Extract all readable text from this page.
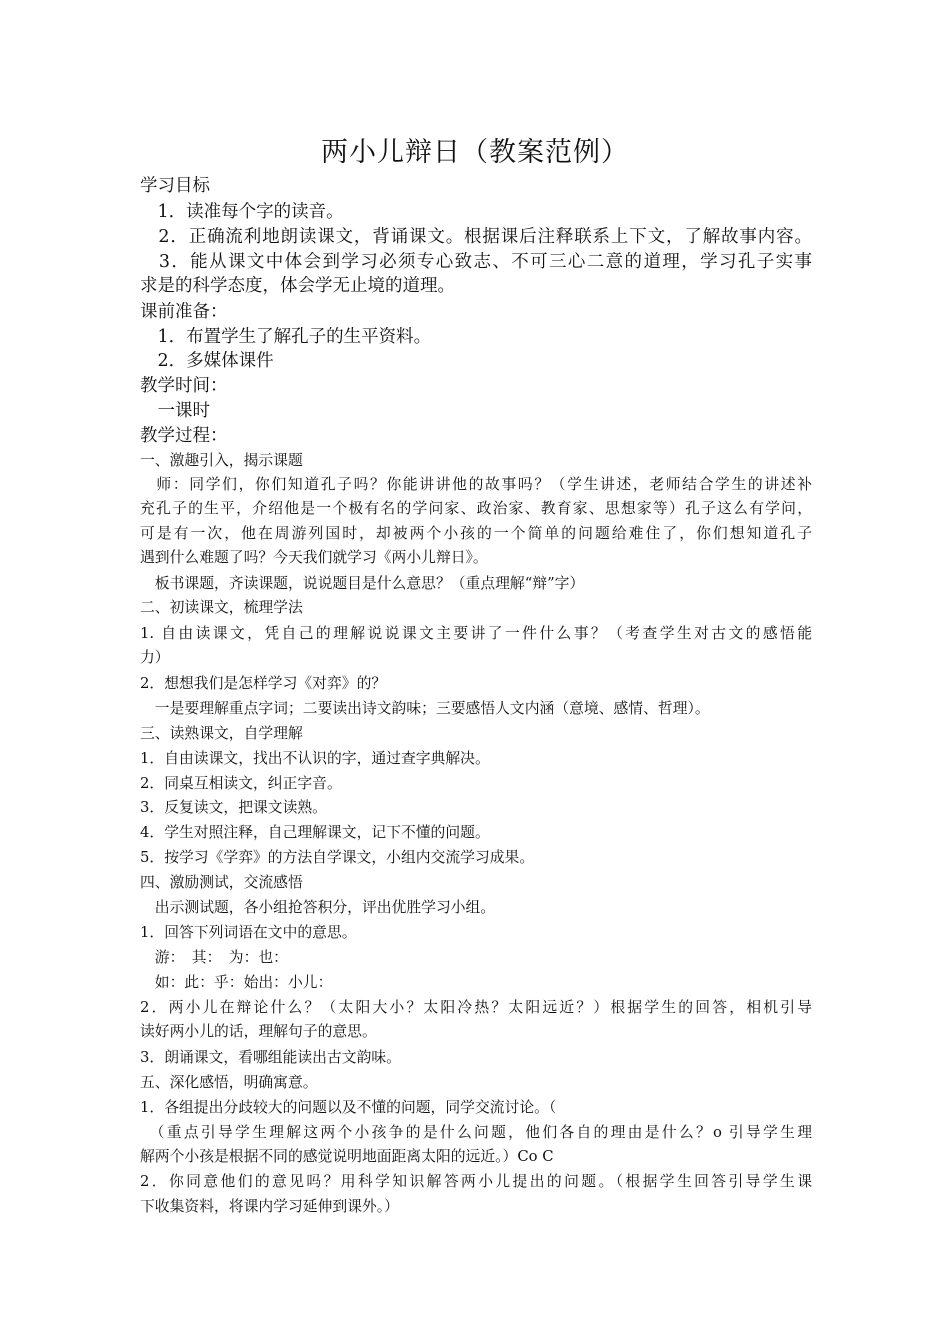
两小儿辩日（教案范例）
学习目标
　1．读准每个字的读音。
　2．正确流利地朗读课文，背诵课文。根据课后注释联系上下文，了解故事内容。
　3．能从课文中体会到学习必须专心致志、不可三心二意的道理，学习孔子实事
求是的科学态度，体会学无止境的道理。
课前准备：
　1．布置学生了解孔子的生平资料。
　2．多媒体课件
教学时间：
　一课时
教学过程：
一、激趣引入，揭示课题
　师：同学们，你们知道孔子吗？你能讲讲他的故事吗？（学生讲述，老师结合学生的讲述补
充孔子的生平，介绍他是一个极有名的学问家、政治家、教育家、思想家等）孔子这么有学问，
可是有一次，他在周游列国时，却被两个小孩的一个简单的问题给难住了，你们想知道孔子
遇到什么难题了吗？今天我们就学习《两小儿辩日》。
　板书课题，齐读课题，说说题目是什么意思？（重点理解“辩”字）
二、初读课文，梳理学法
1. 自由读课文，凭自己的理解说说课文主要讲了一件什么事？（考查学生对古文的感悟能
力）
2．想想我们是怎样学习《对弈》的？
　一是要理解重点字词；二要读出诗文韵味；三要感悟人文内涵（意境、感情、哲理）。
三、读熟课文，自学理解
1．自由读课文，找出不认识的字，通过查字典解决。
2．同桌互相读文，纠正字音。
3．反复读文，把课文读熟。
4．学生对照注释，自己理解课文，记下不懂的问题。
5．按学习《学弈》的方法自学课文，小组内交流学习成果。
四、激励测试，交流感悟
　出示测试题，各小组抢答积分，评出优胜学习小组。
1．回答下列词语在文中的意思。
　游：　其：　为：也：
　如：此：乎：始出：小儿：
2．两小儿在辩论什么？（太阳大小？太阳冷热？太阳远近？）根据学生的回答，相机引导
读好两小儿的话，理解句子的意思。
3．朗诵课文，看哪组能读出古文韵味。
五、深化感悟，明确寓意。
1．各组提出分歧较大的问题以及不懂的问题，同学交流讨论。（
　（重点引导学生理解这两个小孩争的是什么问题，他们各自的理由是什么？o 引导学生理
解两个小孩是根据不同的感觉说明地面距离太阳的远近。）Co C
2．你同意他们的意见吗？用科学知识解答两小儿提出的问题。（根据学生回答引导学生课
下收集资料，将课内学习延伸到课外。）
